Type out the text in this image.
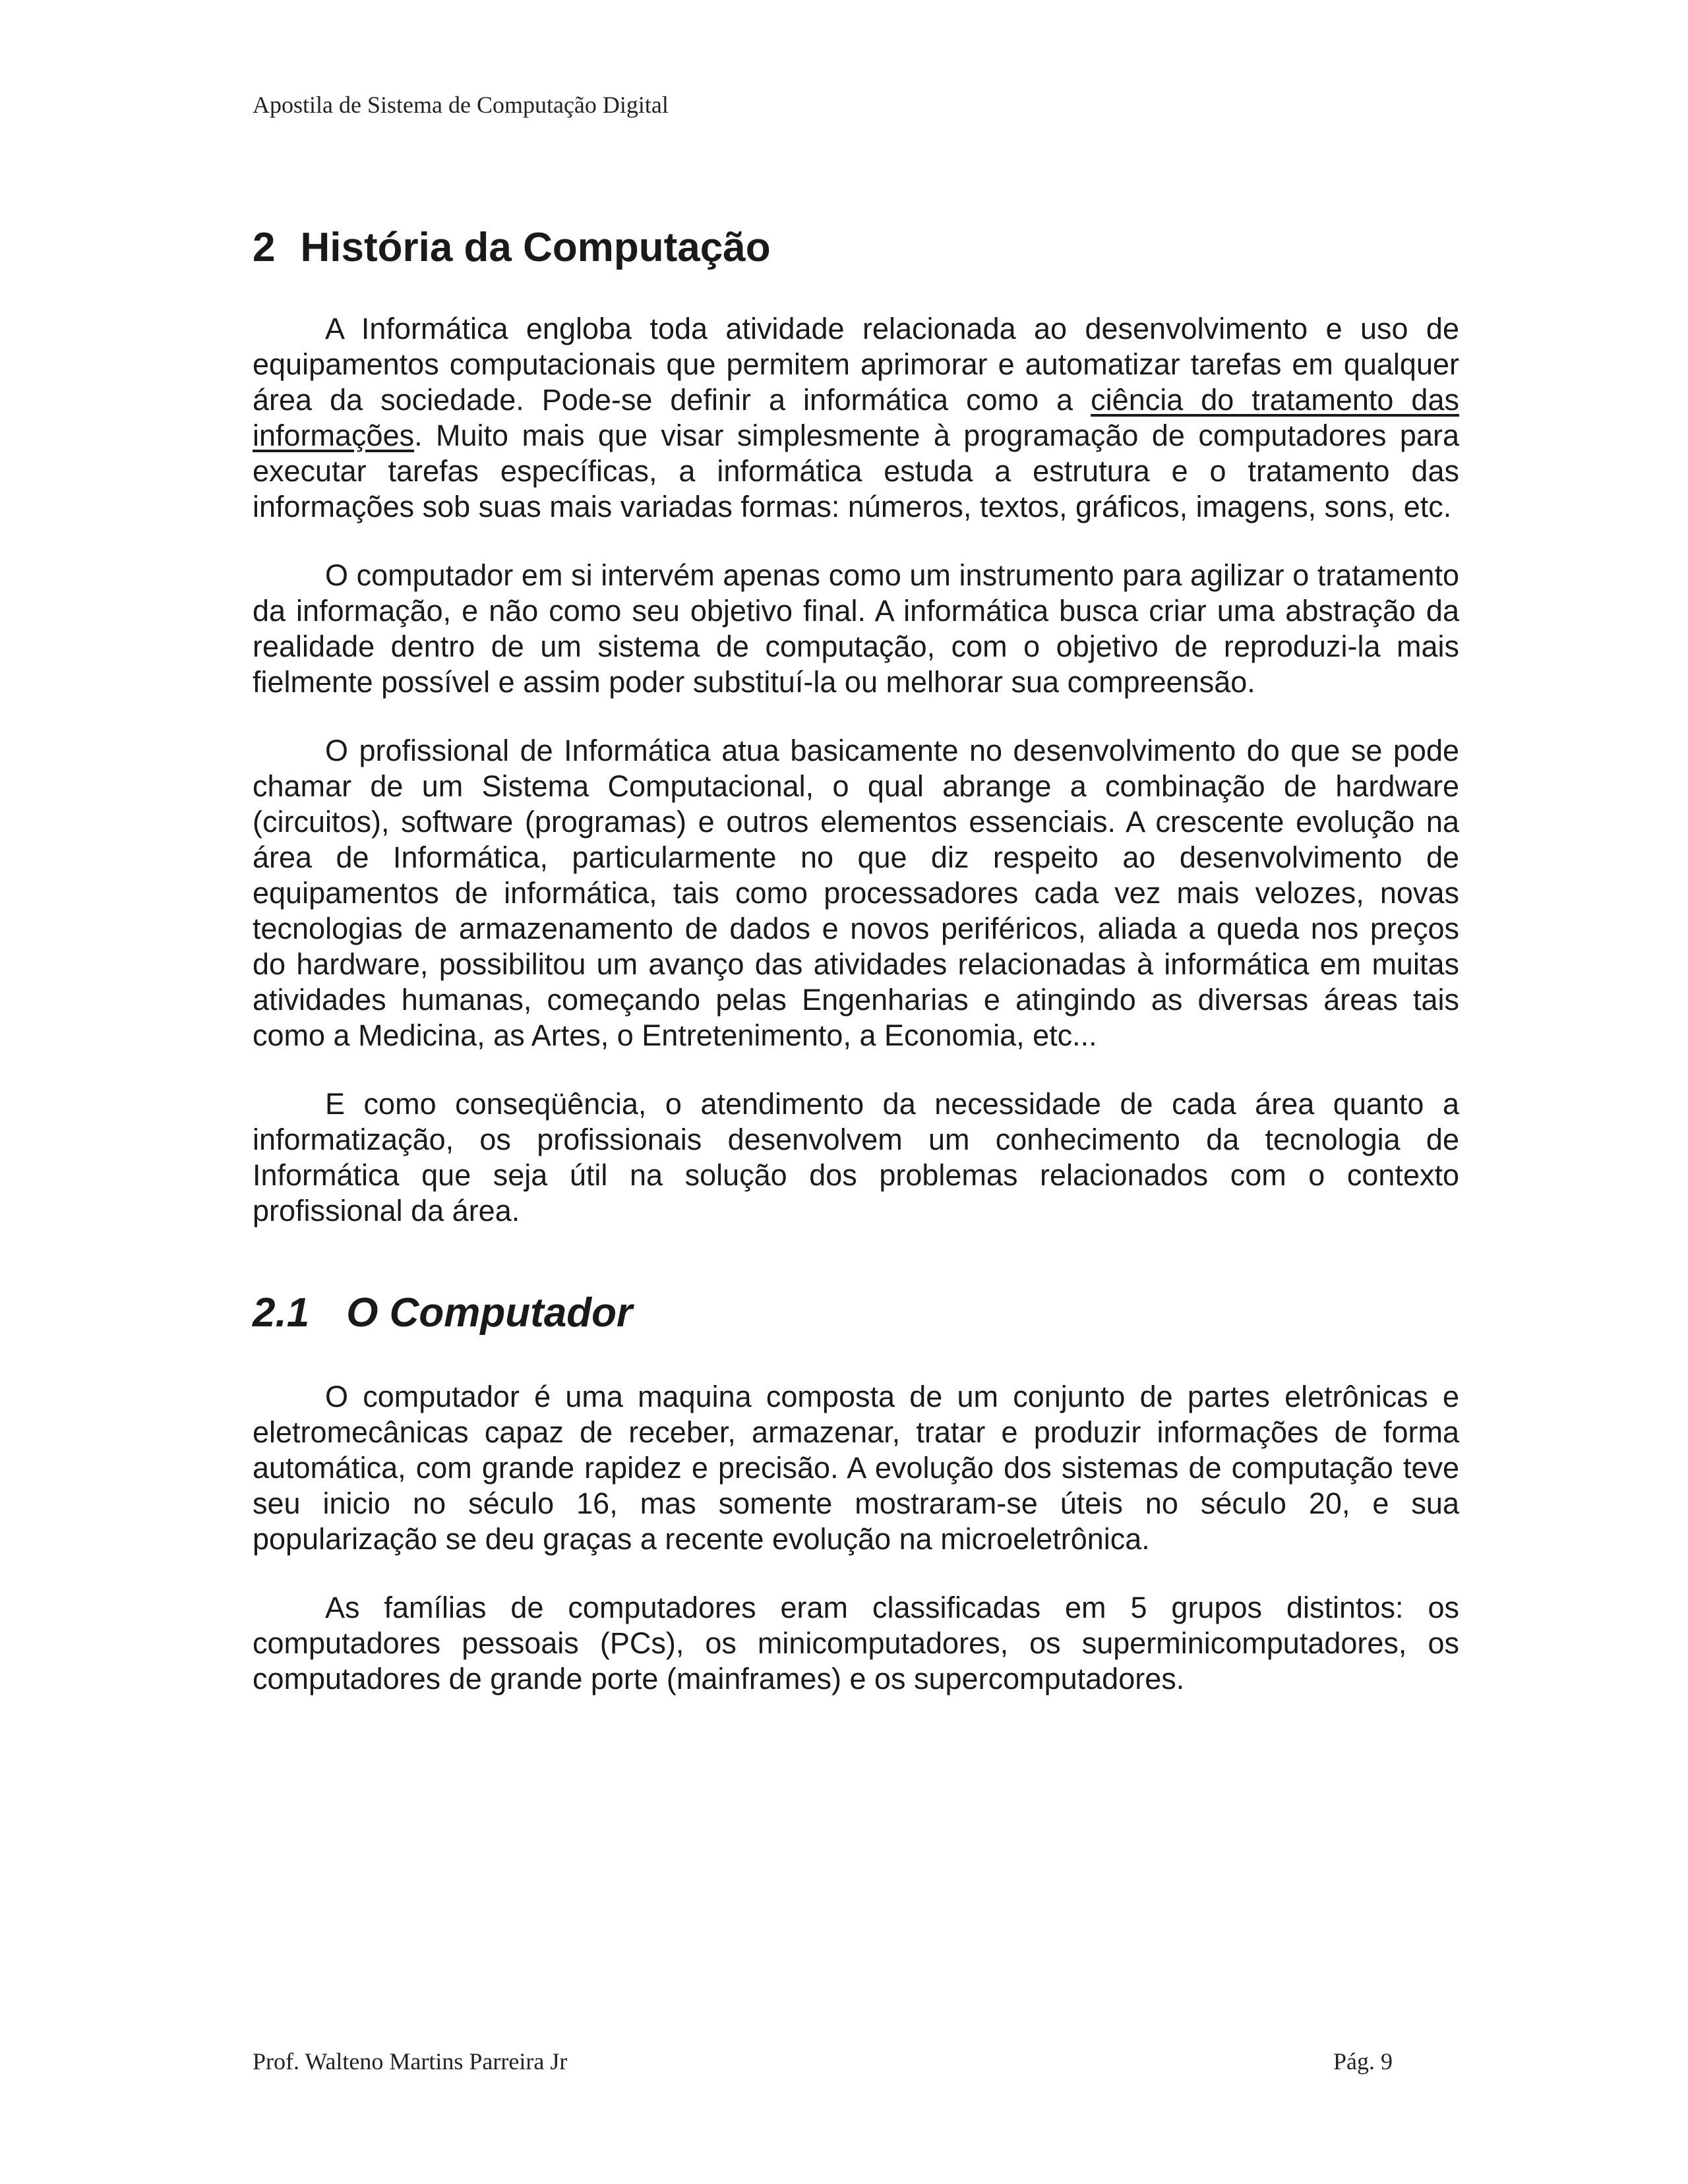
Apostila de Sistema de Computação Digital

2 História da Computação

A Informática engloba toda atividade relacionada ao desenvolvimento e uso de equipamentos computacionais que permitem aprimorar e automatizar tarefas em qualquer área da sociedade. Pode-se definir a informática como a ciência do tratamento das informações. Muito mais que visar simplesmente à programação de computadores para executar tarefas específicas, a informática estuda a estrutura e o tratamento das informações sob suas mais variadas formas: números, textos, gráficos, imagens, sons, etc.

O computador em si intervém apenas como um instrumento para agilizar o tratamento da informação, e não como seu objetivo final. A informática busca criar uma abstração da realidade dentro de um sistema de computação, com o objetivo de reproduzi-la mais fielmente possível e assim poder substituí-la ou melhorar sua compreensão.

O profissional de Informática atua basicamente no desenvolvimento do que se pode chamar de um Sistema Computacional, o qual abrange a combinação de hardware (circuitos), software (programas) e outros elementos essenciais. A crescente evolução na área de Informática, particularmente no que diz respeito ao desenvolvimento de equipamentos de informática, tais como processadores cada vez mais velozes, novas tecnologias de armazenamento de dados e novos periféricos, aliada a queda nos preços do hardware, possibilitou um avanço das atividades relacionadas à informática em muitas atividades humanas, começando pelas Engenharias e atingindo as diversas áreas tais como a Medicina, as Artes, o Entretenimento, a Economia, etc...

E como conseqüência, o atendimento da necessidade de cada área quanto a informatização, os profissionais desenvolvem um conhecimento da tecnologia de Informática que seja útil na solução dos problemas relacionados com o contexto profissional da área.

2.1 O Computador

O computador é uma maquina composta de um conjunto de partes eletrônicas e eletromecânicas capaz de receber, armazenar, tratar e produzir informações de forma automática, com grande rapidez e precisão. A evolução dos sistemas de computação teve seu inicio no século 16, mas somente mostraram-se úteis no século 20, e sua popularização se deu graças a recente evolução na microeletrônica.

As famílias de computadores eram classificadas em 5 grupos distintos: os computadores pessoais (PCs), os minicomputadores, os superminicomputadores, os computadores de grande porte (mainframes) e os supercomputadores.

Prof. Walteno Martins Parreira Jr	Pág. 9
